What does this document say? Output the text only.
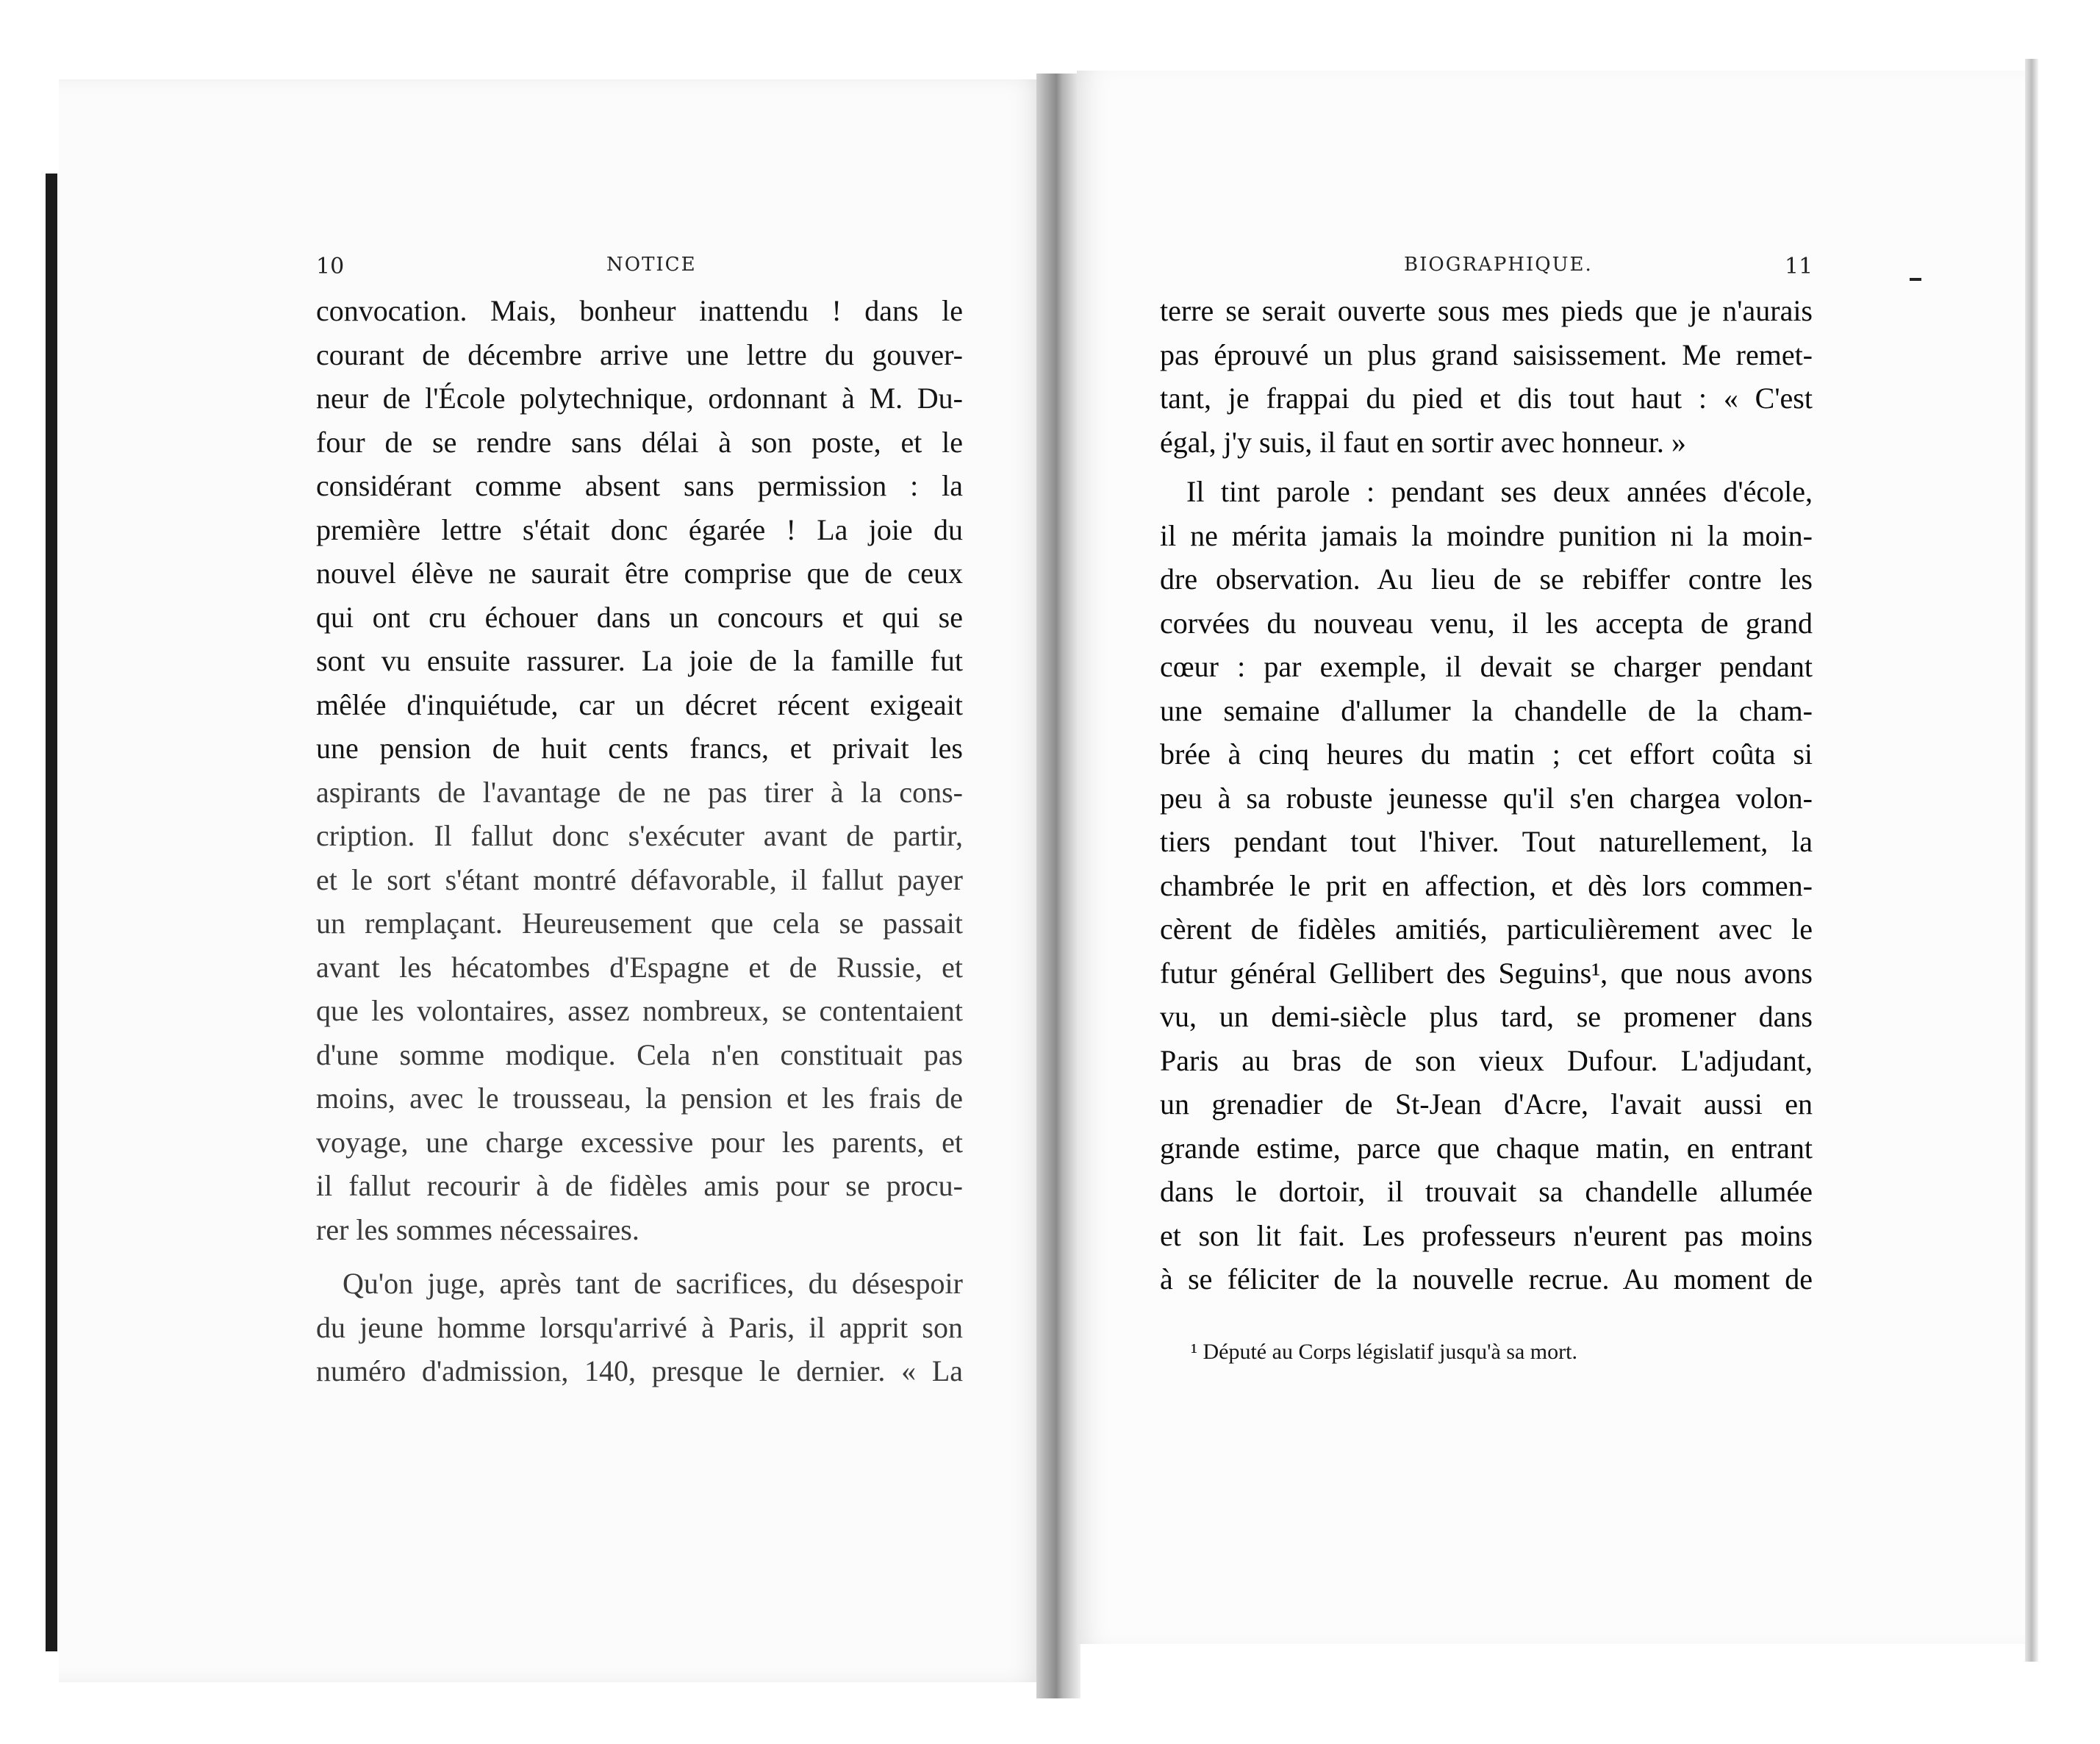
10	NOTICE	BIOGRAPHIQUE.	11
convocation. Mais, bonheur inattendu ! dans le
courant de décembre arrive une lettre du gouver-
neur de l'École polytechnique, ordonnant à M. Du-
four de se rendre sans délai à son poste, et le
considérant comme absent sans permission : la
première lettre s'était donc égarée ! La joie du
nouvel élève ne saurait être comprise que de ceux
qui ont cru échouer dans un concours et qui se
sont vu ensuite rassurer. La joie de la famille fut
mêlée d'inquiétude, car un décret récent exigeait
une pension de huit cents francs, et privait les
aspirants de l'avantage de ne pas tirer à la cons-
cription. Il fallut donc s'exécuter avant de partir,
et le sort s'étant montré défavorable, il fallut payer
un remplaçant. Heureusement que cela se passait
avant les hécatombes d'Espagne et de Russie, et
que les volontaires, assez nombreux, se contentaient
d'une somme modique. Cela n'en constituait pas
moins, avec le trousseau, la pension et les frais de
voyage, une charge excessive pour les parents, et
il fallut recourir à de fidèles amis pour se procu-
rer les sommes nécessaires.
Qu'on juge, après tant de sacrifices, du désespoir
du jeune homme lorsqu'arrivé à Paris, il apprit son
numéro d'admission, 140, presque le dernier. « La
terre se serait ouverte sous mes pieds que je n'aurais
pas éprouvé un plus grand saisissement. Me remet-
tant, je frappai du pied et dis tout haut : « C'est
égal, j'y suis, il faut en sortir avec honneur. »
Il tint parole : pendant ses deux années d'école,
il ne mérita jamais la moindre punition ni la moin-
dre observation. Au lieu de se rebiffer contre les
corvées du nouveau venu, il les accepta de grand
cœur : par exemple, il devait se charger pendant
une semaine d'allumer la chandelle de la cham-
brée à cinq heures du matin ; cet effort coûta si
peu à sa robuste jeunesse qu'il s'en chargea volon-
tiers pendant tout l'hiver. Tout naturellement, la
chambrée le prit en affection, et dès lors commen-
cèrent de fidèles amitiés, particulièrement avec le
futur général Gellibert des Seguins¹, que nous avons
vu, un demi-siècle plus tard, se promener dans
Paris au bras de son vieux Dufour. L'adjudant,
un grenadier de St-Jean d'Acre, l'avait aussi en
grande estime, parce que chaque matin, en entrant
dans le dortoir, il trouvait sa chandelle allumée
et son lit fait. Les professeurs n'eurent pas moins
à se féliciter de la nouvelle recrue. Au moment de
¹ Député au Corps législatif jusqu'à sa mort.
